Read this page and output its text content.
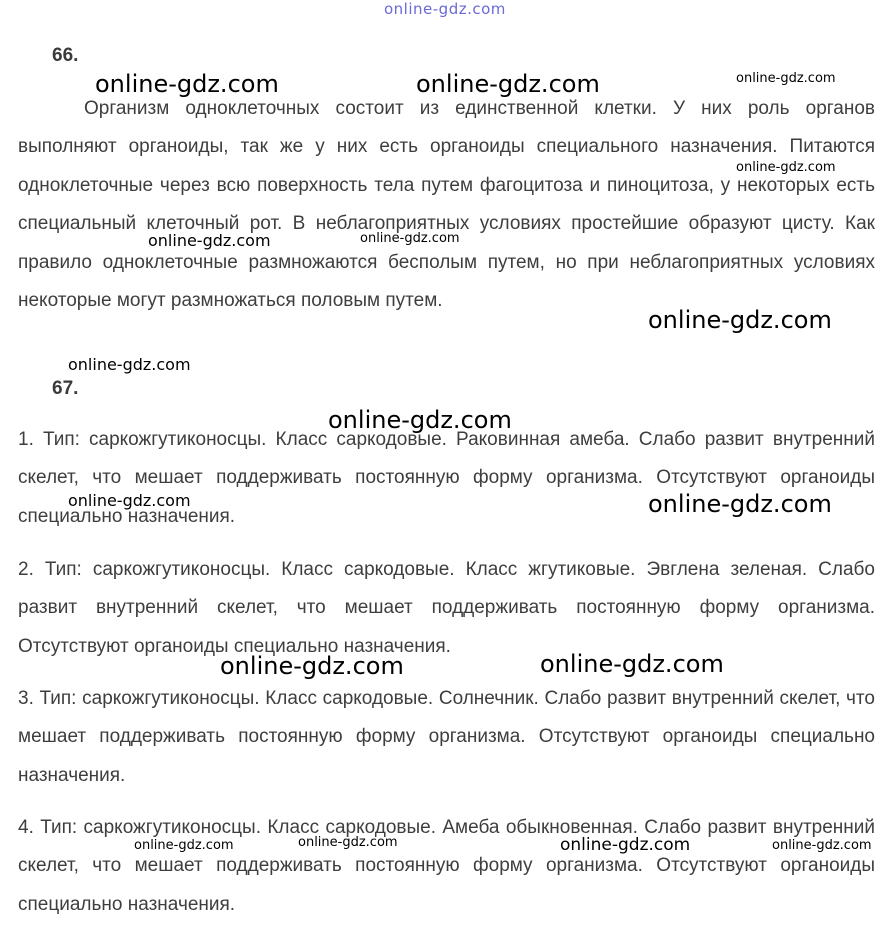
online-gdz.com
66.
Организм одноклеточных состоит из единственной клетки. У них роль органов выполняют органоиды, так же у них есть органоиды специального назначения. Питаются одноклеточные через всю поверхность тела путем фагоцитоза и пиноцитоза, у некоторых есть специальный клеточный рот. В неблагоприятных условиях простейшие образуют цисту. Как правило одноклеточные размножаются бесполым путем, но при неблагоприятных условиях некоторые могут размножаться половым путем.
67.
1. Тип: саркожгутиконосцы. Класс саркодовые. Раковинная амеба. Слабо развит внутренний скелет, что мешает поддерживать постоянную форму организма. Отсутствуют органоиды специально назначения.
2. Тип: саркожгутиконосцы. Класс саркодовые. Класс жгутиковые. Эвглена зеленая. Слабо развит внутренний скелет, что мешает поддерживать постоянную форму организма. Отсутствуют органоиды специально назначения.
3. Тип: саркожгутиконосцы. Класс саркодовые. Солнечник. Слабо развит внутренний скелет, что мешает поддерживать постоянную форму организма. Отсутствуют органоиды специально назначения.
4. Тип: саркожгутиконосцы. Класс саркодовые. Амеба обыкновенная. Слабо развит внутренний скелет, что мешает поддерживать постоянную форму организма. Отсутствуют органоиды специально назначения.
online-gdz.com	online-gdz.com	online-gdz.com
online-gdz.com
online-gdz.com	online-gdz.com
online-gdz.com
online-gdz.com
online-gdz.com
online-gdz.com	online-gdz.com
online-gdz.com	online-gdz.com
online-gdz.com	online-gdz.com	online-gdz.com	online-gdz.com
